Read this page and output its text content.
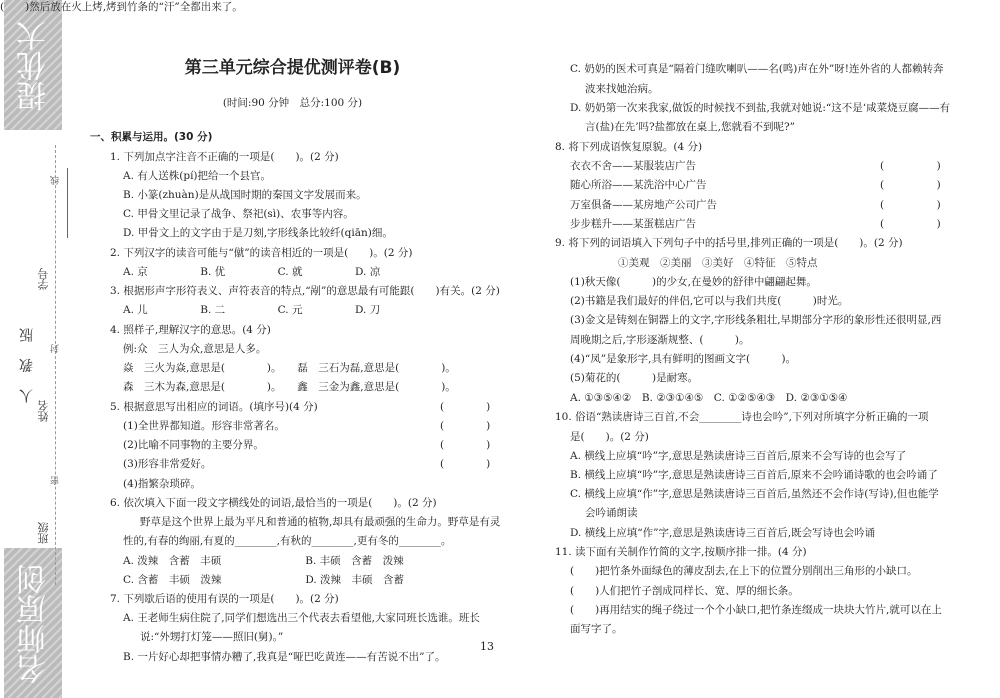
提优大考卷
名师原创
人 教 版
线
学号
封
姓名
密
班级
第三单元综合提优测评卷(B)
(时间:90 分钟　总分:100 分)
一、积累与运用。(30 分)
1. 下列加点字注音不正确的一项是(　　)。(2 分)
A. 有人送株(pí)把给一个县官。
B. 小篆(zhuàn)是从战国时期的秦国文字发展而来。
C. 甲骨文里记录了战争、祭祀(sì)、农事等内容。
D. 甲骨文上的文字由于是刀刻,字形线条比较纤(qiān)细。
2. 下列汉字的读音可能与“僦”的读音相近的一项是(　　)。(2 分)
A. 京　　　　　B. 优　　　　　C. 就　　　　　D. 凉
3. 根据形声字形符表义、声符表音的特点,“剐”的意思最有可能跟(　　)有关。(2 分)
A. 儿　　　　　B. 二　　　　　C. 元　　　　　D. 刀
4. 照样子,理解汉字的意思。(4 分)
例:众　三人为众,意思是人多。
焱　三火为焱,意思是(　　　　)。　　磊　三石为磊,意思是(　　　　)。
森　三木为森,意思是(　　　　)。　　鑫　三金为鑫,意思是(　　　　)。
5. 根据意思写出相应的词语。(填序号)(4 分)
(1)全世界都知道。形容非常著名。
(2)比喻不同事物的主要分界。
(3)形容非常爱好。
(4)指繁杂琐碎。
6. 依次填入下面一段文字横线处的词语,最恰当的一项是(　　)。(2 分)
野草是这个世界上最为平凡和普通的植物,却具有最顽强的生命力。野草是有灵
性的,有春的绚丽,有夏的________,有秋的________,更有冬的________。
A. 泼辣　含蓄　丰硕　　　　　　　　B. 丰硕　含蓄　泼辣
C. 含蓄　丰硕　泼辣　　　　　　　　D. 泼辣　丰硕　含蓄
7. 下列歇后语的使用有误的一项是(　　)。(2 分)
A. 王老师生病住院了,同学们想选出三个代表去看望他,大家同班长选谁。班长
说:“外甥打灯笼——照旧(舅)。”
B. 一片好心却把事情办糟了,我真是“哑巴吃黄连——有苦说不出”了。
C. 奶奶的医术可真是“隔着门缝吹喇叭——名(鸣)声在外”呀!连外省的人都赖转奔
波来找她治病。
D. 奶奶第一次来我家,做饭的时候找不到盐,我就对她说:“这不是‘咸菜烧豆腐——有
言(盐)在先’吗?盐都放在桌上,您就看不到呢?”
8. 将下列成语恢复原貌。(4 分)
衣衣不舍——某服装店广告
随心所浴——某洗浴中心广告
万室俱备——某房地产公司广告
步步糕升——某蛋糕店广告
9. 将下列的词语填入下列句子中的括号里,排列正确的一项是(　　)。(2 分)
①美观　②美丽　③美好　④特征　⑤特点
(1)秋天像(　　　)的少女,在曼妙的舒律中翩翩起舞。
(2)书籍是我们最好的伴侣,它可以与我们共度(　　　)时光。
(3)金文是铸刻在铜器上的文字,字形线条粗壮,早期部分字形的象形性还很明显,西
周晚期之后,字形逐渐规整、(　　　)。
(4)“凤”是象形字,具有鲜明的图画文字(　　　)。
(5)菊花的(　　　)是耐寒。
A. ①③⑤④②　B. ②③①④⑤　C. ①②⑤④③　D. ②③①⑤④
10. 俗语“熟读唐诗三百首,不会________诗也会吟”,下列对所填字分析正确的一项
是(　　)。(2 分)
A. 横线上应填“吟”字,意思是熟读唐诗三百首后,原来不会写诗的也会写了
B. 横线上应填“吟”字,意思是熟读唐诗三百首后,原来不会吟诵诗歌的也会吟诵了
C. 横线上应填“作”字,意思是熟读唐诗三百首后,虽然还不会作诗(写诗),但也能学
会吟诵朗读
D. 横线上应填“作”字,意思是熟读唐诗三百首后,既会写诗也会吟诵
11. 读下面有关制作竹简的文字,按顺序排一排。(4 分)
(　　)把竹条外面绿色的薄皮刮去,在上下的位置分别削出三角形的小缺口。
(　　)人们把竹子剖成同样长、宽、厚的细长条。
(　　)再用结实的绳子绕过一个个小缺口,把竹条连缀成一块块大竹片,就可以在上
面写字了。
(　　)然后放在火上烤,烤到竹条的“汗”全都出来了。
(　　　　)
(　　　　)
(　　　　)
(　　　　)
(　　　　　)
(　　　　　)
(　　　　　)
(　　　　　)
13
